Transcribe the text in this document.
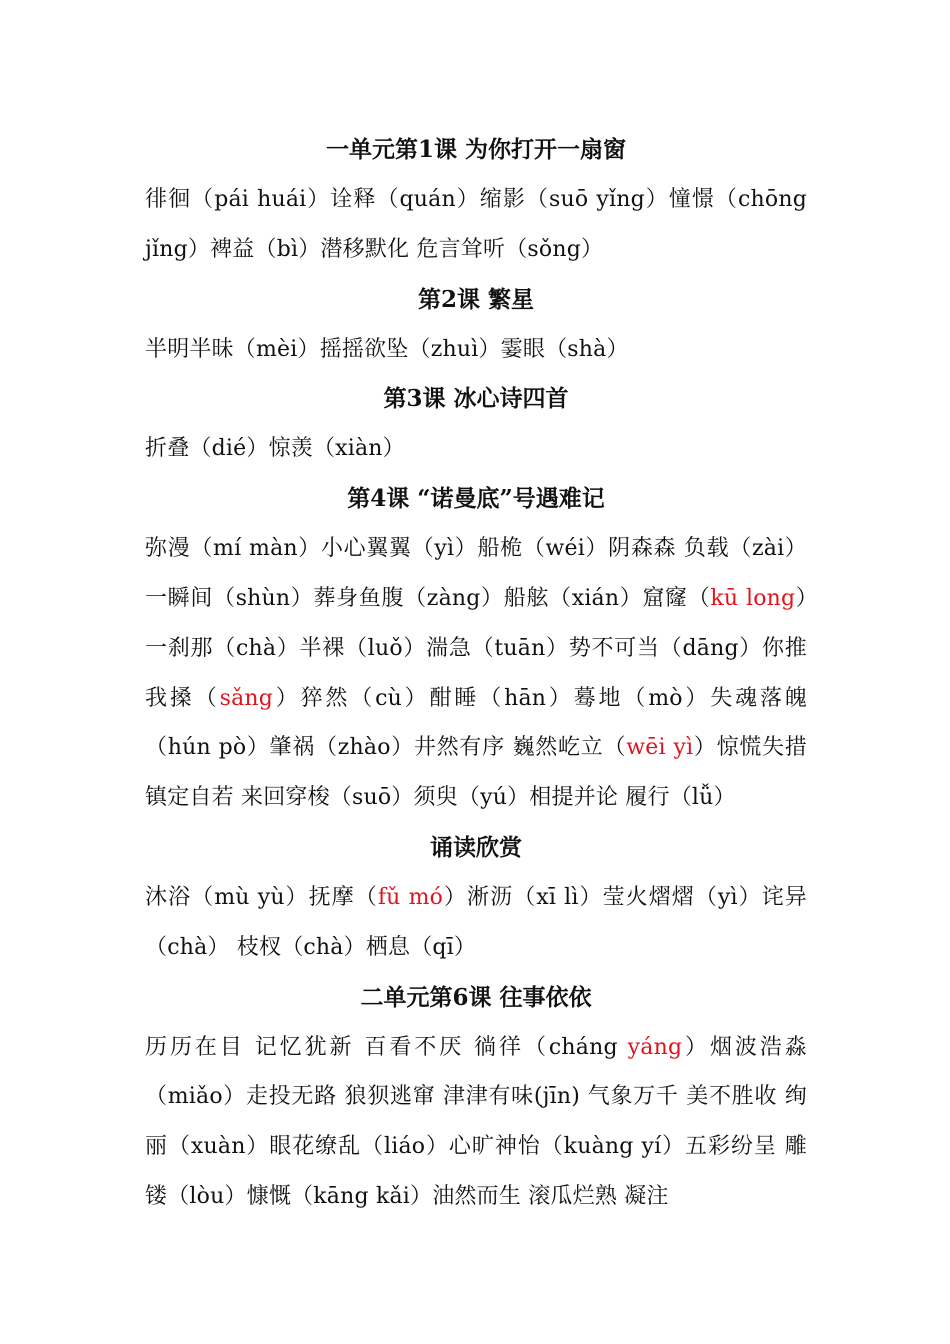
一单元第1课 为你打开一扇窗
徘徊（pái huái）诠释（quán）缩影（suō yǐng）憧憬（chōng jǐng）裨益（bì）潜移默化 危言耸听（sǒng）
第2课 繁星
半明半昧（mèi）摇摇欲坠（zhuì）霎眼（shà）
第3课 冰心诗四首
折叠（dié）惊羡（xiàn）
第4课 “诺曼底”号遇难记
弥漫（mí màn）小心翼翼（yì）船桅（wéi）阴森森 负载（zài）一瞬间（shùn）葬身鱼腹（zàng）船舷（xián）窟窿（kū long）一刹那（chà）半裸（luǒ）湍急（tuān）势不可当（dāng）你推我搡（sǎng）猝然（cù）酣睡（hān）蓦地（mò）失魂落魄（hún pò）肇祸（zhào）井然有序 巍然屹立（wēi yì）惊慌失措 镇定自若 来回穿梭（suō）须臾（yú）相提并论 履行（lǚ）
诵读欣赏
沐浴（mù yù）抚摩（fǔ mó）淅沥（xī lì）莹火熠熠（yì）诧异（chà） 枝杈（chà）栖息（qī）
二单元第6课 往事依依
历历在目 记忆犹新 百看不厌 徜徉（cháng yáng）烟波浩淼（miǎo）走投无路 狼狈逃窜 津津有味(jīn) 气象万千 美不胜收 绚丽（xuàn）眼花缭乱（liáo）心旷神怡（kuàng yí）五彩纷呈 雕镂（lòu）慷慨（kāng kǎi）油然而生 滚瓜烂熟 凝注
